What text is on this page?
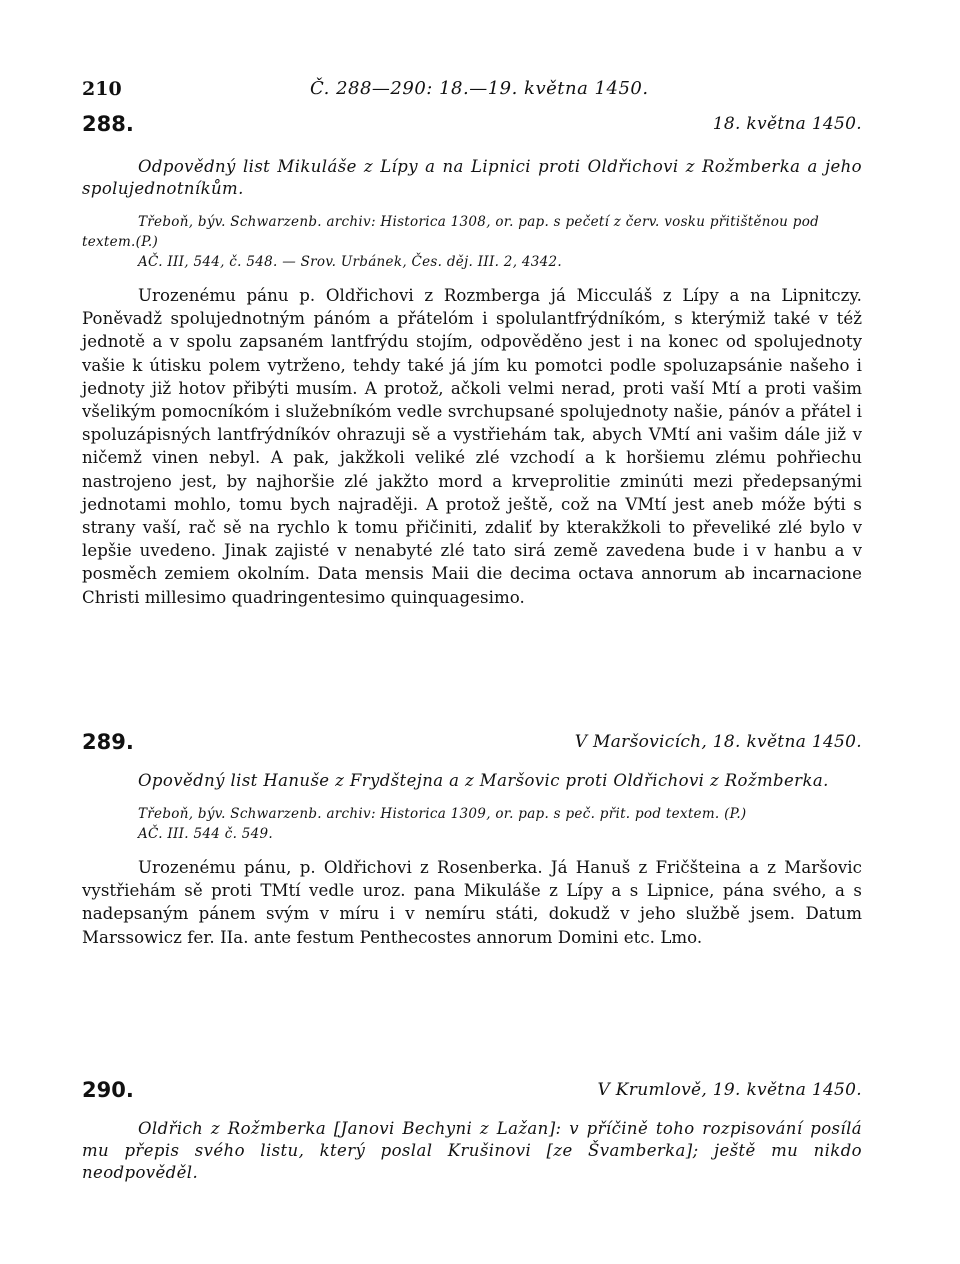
210	Č. 288—290: 18.—19. května 1450.
288.	18. května 1450.

Odpovědný list Mikuláše z Lípy a na Lipnici proti Oldřichovi z Rožmberka a jeho spolujednotníkům.

Třeboň, býv. Schwarzenb. archiv: Historica 1308, or. pap. s pečetí z červ. vosku přitištěnou pod
textem.(P.)
AČ. III, 544, č. 548. — Srov. Urbánek, Čes. děj. III. 2, 4342.

Urozenému pánu p. Oldřichovi z Rozmberga já Micculáš z Lípy a na Lipnitczy. Poněvadž spolujednotným pánóm a přátelóm i spolulantfrýdníkóm, s kterýmiž také v též jednotě a v spolu zapsaném lantfrýdu stojím, odpověděno jest i na konec od spolujednoty vašie k útisku polem vytrženo, tehdy také já jím ku pomotci podle spoluzapsánie našeho i jednoty již hotov přibýti musím. A protož, ačkoli velmi nerad, proti vaší Mtí a proti vašim všelikým pomocníkóm i služebníkóm vedle svrchupsané spolujednoty našie, pánóv a přátel i spoluzápisných lantfrýdníkóv ohrazuji sě a vystřiehám tak, abych VMtí ani vašim dále již v ničemž vinen nebyl. A pak, jakžkoli veliké zlé vzchodí a k horšiemu zlému pohřiechu nastrojeno jest, by najhoršie zlé jakžto mord a krveprolitie zminúti mezi předepsanými jednotami mohlo, tomu bych najraději. A protož ještě, což na VMtí jest aneb móže býti s strany vaší, rač sě na rychlo k tomu přičiniti, zdaliť by kterakžkoli to převeliké zlé bylo v lepšie uvedeno. Jinak zajisté v nenabyté zlé tato sirá země zavedena bude i v hanbu a v posměch zemiem okolním. Data mensis Maii die decima octava annorum ab incarnacione Christi millesimo quadringentesimo quinquagesimo.

289.	V Maršovicích, 18. května 1450.

Opovědný list Hanuše z Frydštejna a z Maršovic proti Oldřichovi z Rožmberka.

Třeboň, býv. Schwarzenb. archiv: Historica 1309, or. pap. s peč. přit. pod textem. (P.)
AČ. III. 544 č. 549.

Urozenému pánu, p. Oldřichovi z Rosenberka. Já Hanuš z Fričšteina a z Maršovic vystřiehám sě proti TMtí vedle uroz. pana Mikuláše z Lípy a s Lipnice, pána svého, a s nadepsaným pánem svým v míru i v nemíru státi, dokudž v jeho službě jsem. Datum Marssowicz fer. IIa. ante festum Penthecostes annorum Domini etc. Lmo.

290.	V Krumlově, 19. května 1450.

Oldřich z Rožmberka [Janovi Bechyni z Lažan]: v příčině toho rozpisování posílá mu přepis svého listu, který poslal Krušinovi [ze Švamberka]; ještě mu nikdo neodpověděl.
